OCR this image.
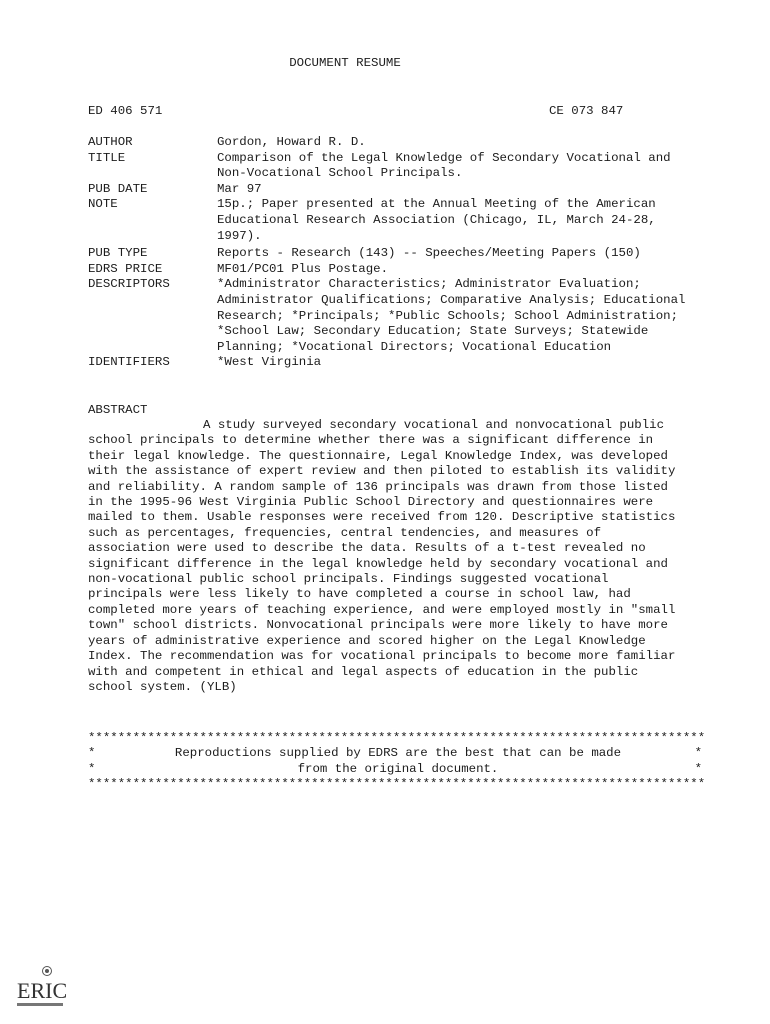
DOCUMENT RESUME
ED 406 571	CE 073 847
AUTHOR	Gordon, Howard R. D.
TITLE	Comparison of the Legal Knowledge of Secondary Vocational and Non-Vocational School Principals.
PUB DATE	Mar 97
NOTE	15p.; Paper presented at the Annual Meeting of the American Educational Research Association (Chicago, IL, March 24-28, 1997).
PUB TYPE	Reports - Research (143) -- Speeches/Meeting Papers (150)
EDRS PRICE	MF01/PC01 Plus Postage.
DESCRIPTORS	*Administrator Characteristics; Administrator Evaluation; Administrator Qualifications; Comparative Analysis; Educational Research; *Principals; *Public Schools; School Administration; *School Law; Secondary Education; State Surveys; Statewide Planning; *Vocational Directors; Vocational Education
IDENTIFIERS	*West Virginia
ABSTRACT
A study surveyed secondary vocational and nonvocational public school principals to determine whether there was a significant difference in their legal knowledge. The questionnaire, Legal Knowledge Index, was developed with the assistance of expert review and then piloted to establish its validity and reliability. A random sample of 136 principals was drawn from those listed in the 1995-96 West Virginia Public School Directory and questionnaires were mailed to them. Usable responses were received from 120. Descriptive statistics such as percentages, frequencies, central tendencies, and measures of association were used to describe the data. Results of a t-test revealed no significant difference in the legal knowledge held by secondary vocational and non-vocational public school principals. Findings suggested vocational principals were less likely to have completed a course in school law, had completed more years of teaching experience, and were employed mostly in "small town" school districts. Nonvocational principals were more likely to have more years of administrative experience and scored higher on the Legal Knowledge Index. The recommendation was for vocational principals to become more familiar with and competent in ethical and legal aspects of education in the public school system. (YLB)
***********************************************************************************
*	Reproductions supplied by EDRS are the best that can be made	*
*	from the original document.	*
***********************************************************************************
ERIC
